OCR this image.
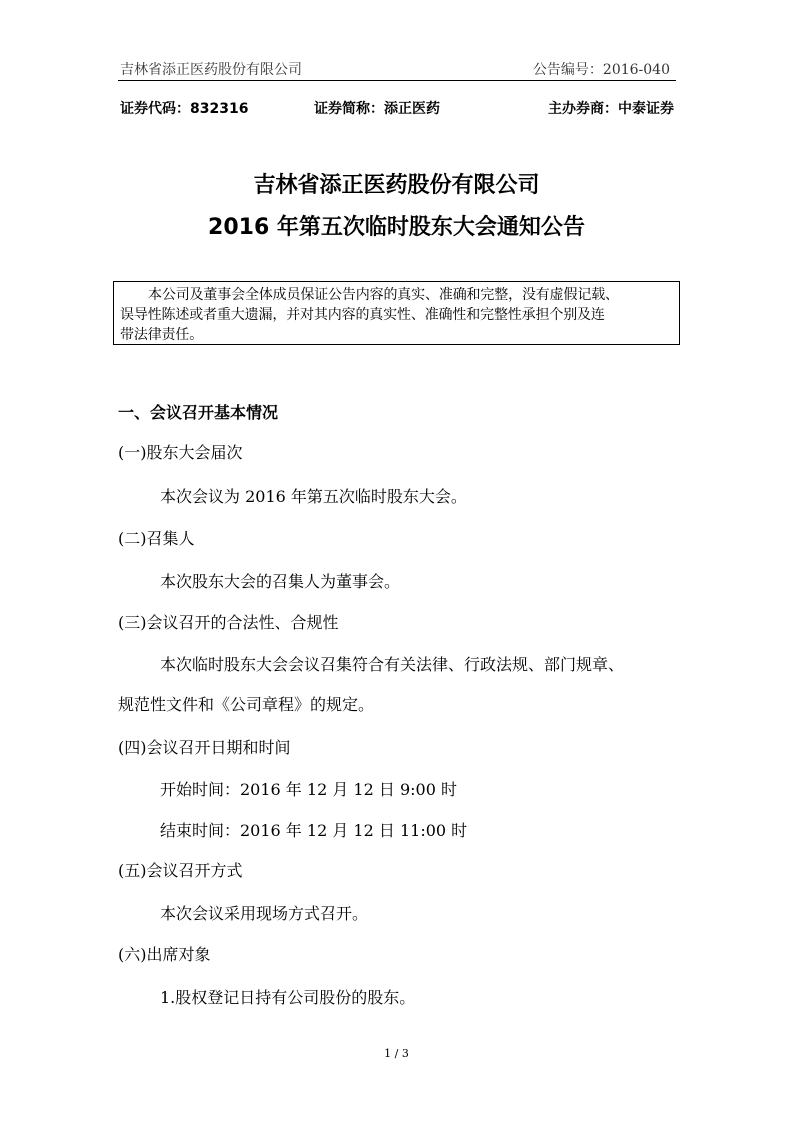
吉林省添正医药股份有限公司	公告编号：2016-040
证券代码：832316	证券简称：添正医药	主办券商：中泰证券
吉林省添正医药股份有限公司
2016 年第五次临时股东大会通知公告
本公司及董事会全体成员保证公告内容的真实、准确和完整，没有虚假记载、
误导性陈述或者重大遗漏，并对其内容的真实性、准确性和完整性承担个别及连
带法律责任。
一、会议召开基本情况
(一)股东大会届次
本次会议为 2016 年第五次临时股东大会。
(二)召集人
本次股东大会的召集人为董事会。
(三)会议召开的合法性、合规性
本次临时股东大会会议召集符合有关法律、行政法规、部门规章、
规范性文件和《公司章程》的规定。
(四)会议召开日期和时间
开始时间：2016 年 12 月 12 日 9:00 时
结束时间：2016 年 12 月 12 日 11:00 时
(五)会议召开方式
本次会议采用现场方式召开。
(六)出席对象
1.股权登记日持有公司股份的股东。
1 / 3
